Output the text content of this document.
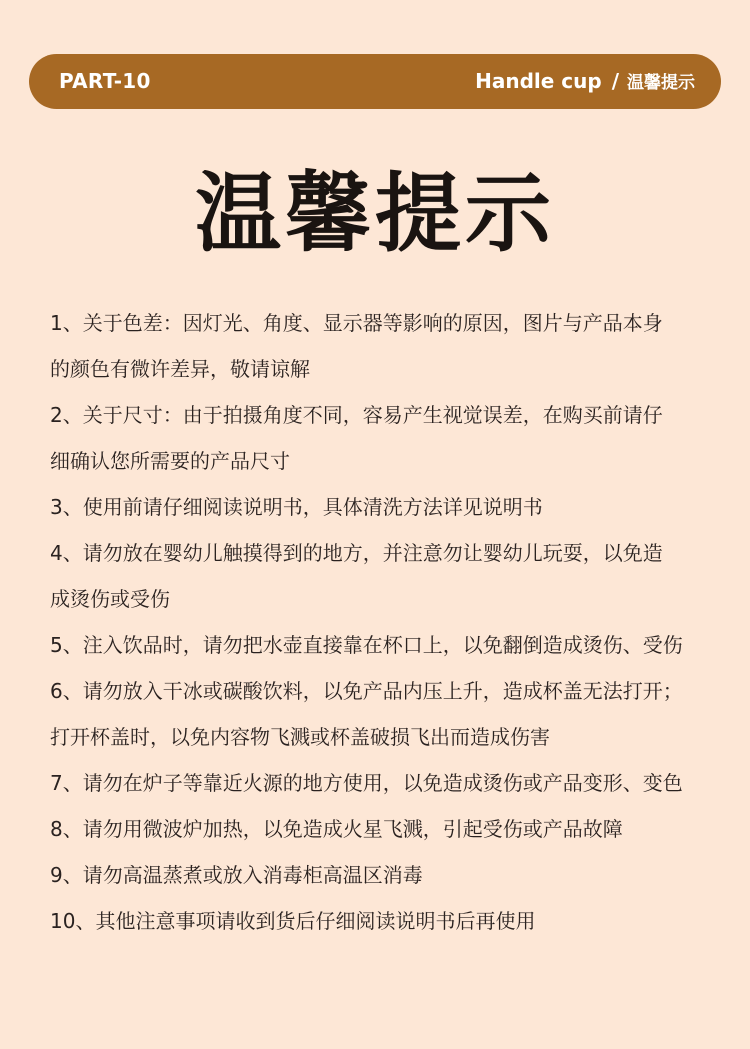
PART-10	Handle cup / 温馨提示
温馨提示
1、关于色差：因灯光、角度、显示器等影响的原因，图片与产品本身
的颜色有微许差异，敬请谅解
2、关于尺寸：由于拍摄角度不同，容易产生视觉误差，在购买前请仔
细确认您所需要的产品尺寸
3、使用前请仔细阅读说明书，具体清洗方法详见说明书
4、请勿放在婴幼儿触摸得到的地方，并注意勿让婴幼儿玩耍，以免造
成烫伤或受伤
5、注入饮品时，请勿把水壶直接靠在杯口上，以免翻倒造成烫伤、受伤
6、请勿放入干冰或碳酸饮料，以免产品内压上升，造成杯盖无法打开；
打开杯盖时，以免内容物飞溅或杯盖破损飞出而造成伤害
7、请勿在炉子等靠近火源的地方使用，以免造成烫伤或产品变形、变色
8、请勿用微波炉加热，以免造成火星飞溅，引起受伤或产品故障
9、请勿高温蒸煮或放入消毒柜高温区消毒
10、其他注意事项请收到货后仔细阅读说明书后再使用
